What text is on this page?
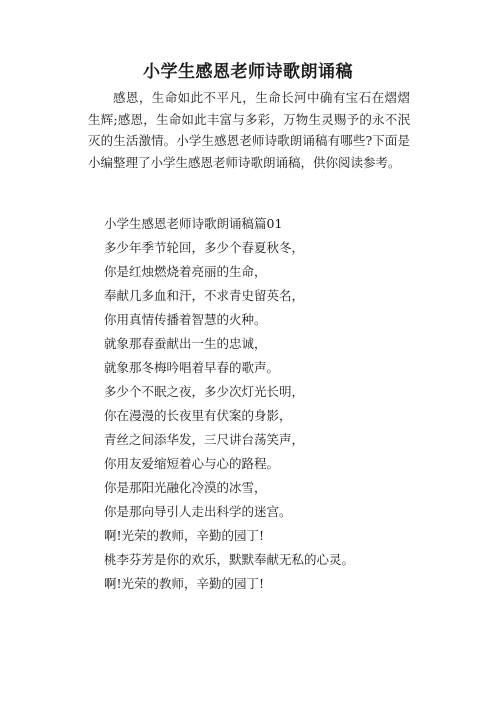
小学生感恩老师诗歌朗诵稿

感恩，生命如此不平凡，生命长河中确有宝石在熠熠生辉;感恩，生命如此丰富与多彩，万物生灵赐予的永不泯灭的生活激情。小学生感恩老师诗歌朗诵稿有哪些?下面是小编整理了小学生感恩老师诗歌朗诵稿，供你阅读参考。

小学生感恩老师诗歌朗诵稿篇01
多少年季节轮回，多少个春夏秋冬，
你是红烛燃烧着亮丽的生命，
奉献几多血和汗，不求青史留英名，
你用真情传播着智慧的火种。
就象那春蚕献出一生的忠诚，
就象那冬梅吟唱着早春的歌声。
多少个不眠之夜，多少次灯光长明，
你在漫漫的长夜里有伏案的身影，
青丝之间添华发，三尺讲台荡笑声，
你用友爱缩短着心与心的路程。
你是那阳光融化冷漠的冰雪，
你是那向导引人走出科学的迷宫。
啊!光荣的教师，辛勤的园丁!
桃李芬芳是你的欢乐，默默奉献无私的心灵。
啊!光荣的教师，辛勤的园丁!
